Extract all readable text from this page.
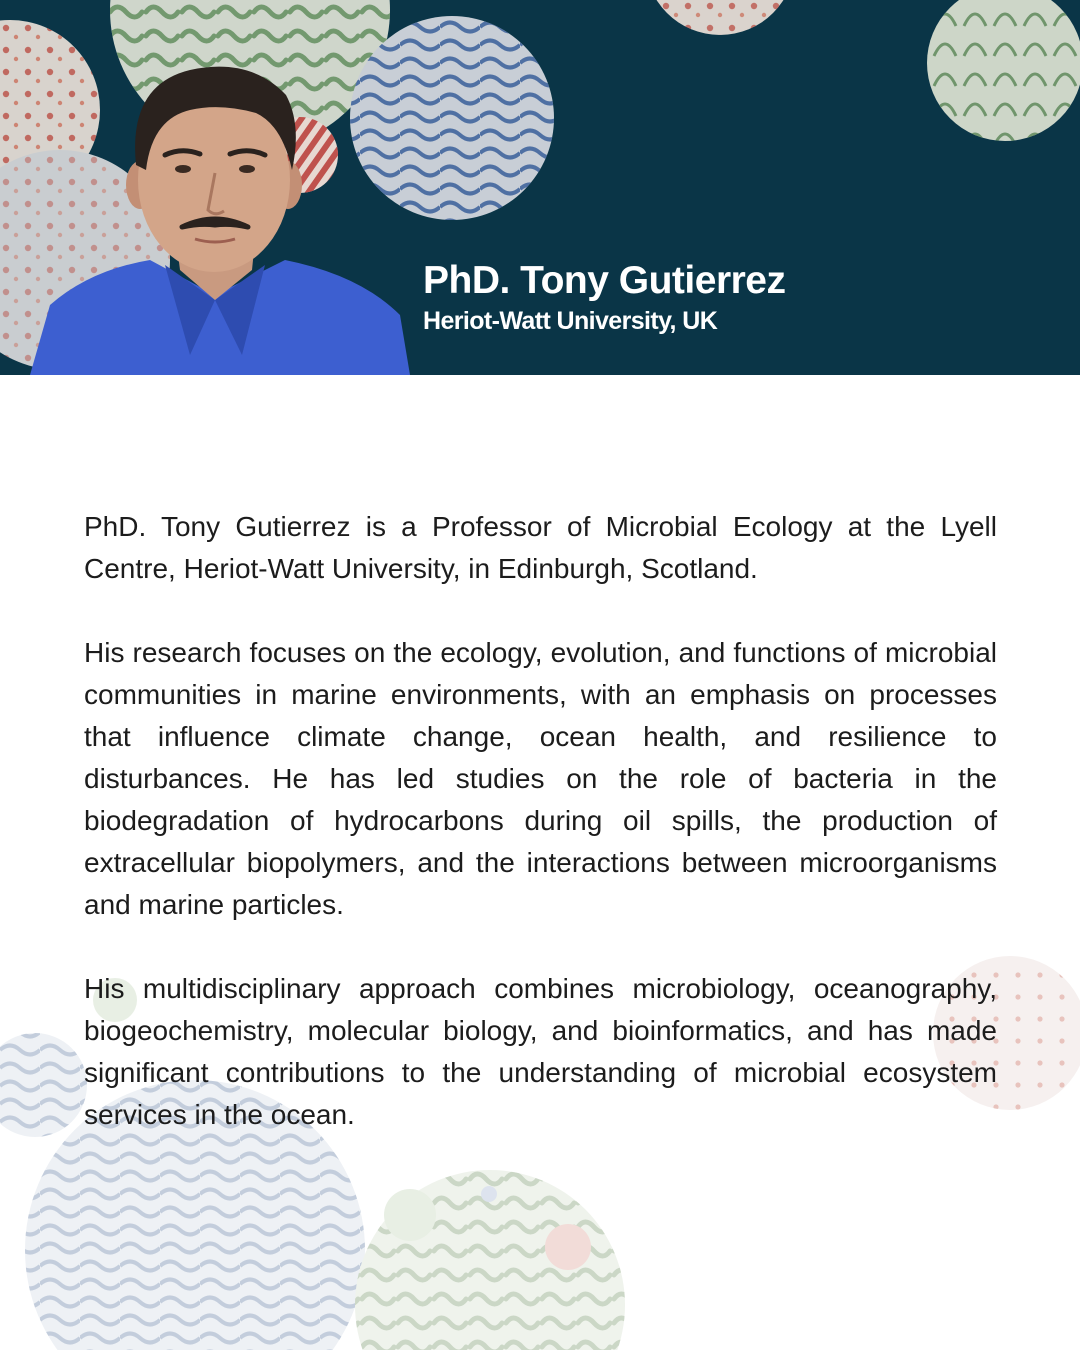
PhD. Tony Gutierrez
Heriot-Watt University, UK

PhD. Tony Gutierrez is a Professor of Microbial Ecology at the Lyell Centre, Heriot-Watt University, in Edinburgh, Scotland.

His research focuses on the ecology, evolution, and functions of microbial communities in marine environments, with an emphasis on processes that influence climate change, ocean health, and resilience to disturbances. He has led studies on the role of bacteria in the biodegradation of hydrocarbons during oil spills, the production of extracellular biopolymers, and the interactions between microorganisms and marine particles.

His multidisciplinary approach combines microbiology, oceanography, biogeochemistry, molecular biology, and bioinformatics, and has made significant contributions to the understanding of microbial ecosystem services in the ocean.
